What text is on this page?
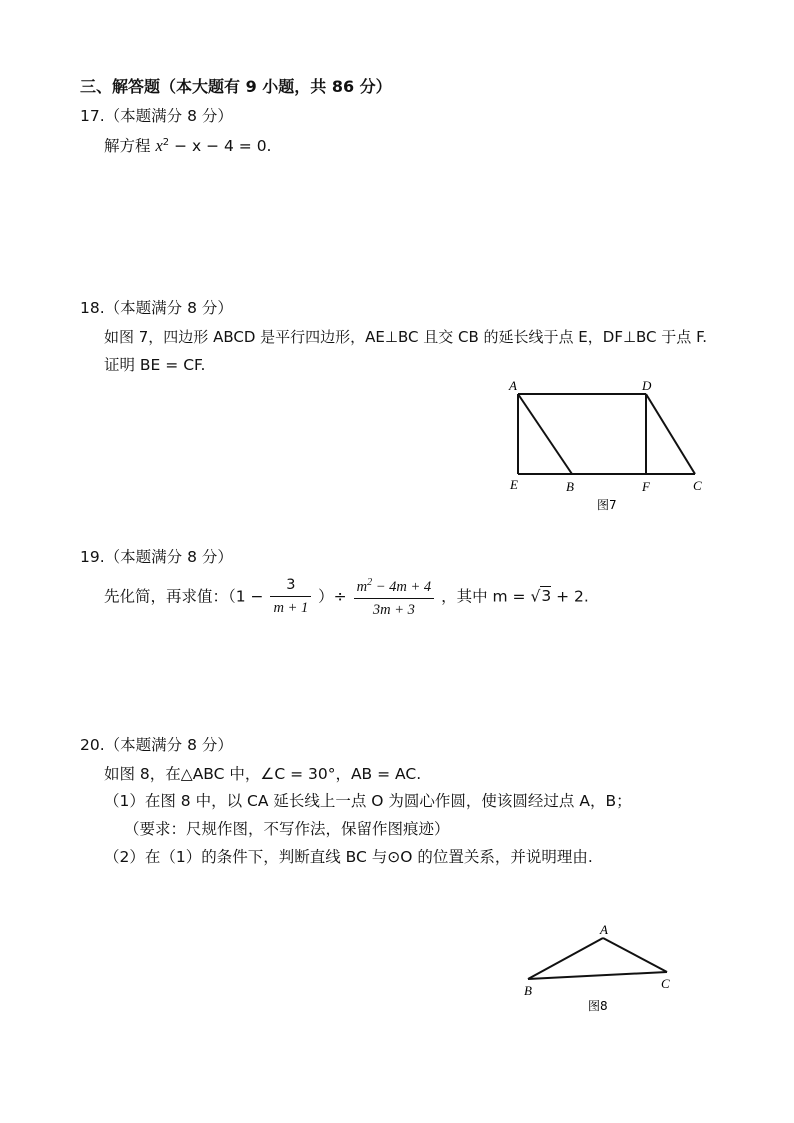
三、解答题（本大题有 9 小题，共 86 分）
17.（本题满分 8 分）
解方程 $x^2 - x - 4 = 0$.
18.（本题满分 8 分）
如图 7，四边形 ABCD 是平行四边形，AE⊥BC 且交 CB 的延长线于点 E，DF⊥BC 于点 F.
证明 BE = CF.
A	D
E	B	F	C
图7
19.（本题满分 8 分）
先化简，再求值：（$1 - \frac{3}{m + 1}$ ）÷ $\frac{m^2 - 4m + 4}{3m + 3}$ ，其中 m = √3 + 2.
20.（本题满分 8 分）
如图 8，在△ABC 中，∠C = 30°，AB = AC.
（1）在图 8 中，以 CA 延长线上一点 O 为圆心作圆，使该圆经过点 A，B；
（要求：尺规作图，不写作法，保留作图痕迹）
（2）在（1）的条件下，判断直线 BC 与⊙O 的位置关系，并说明理由.
A
B	C
图8
